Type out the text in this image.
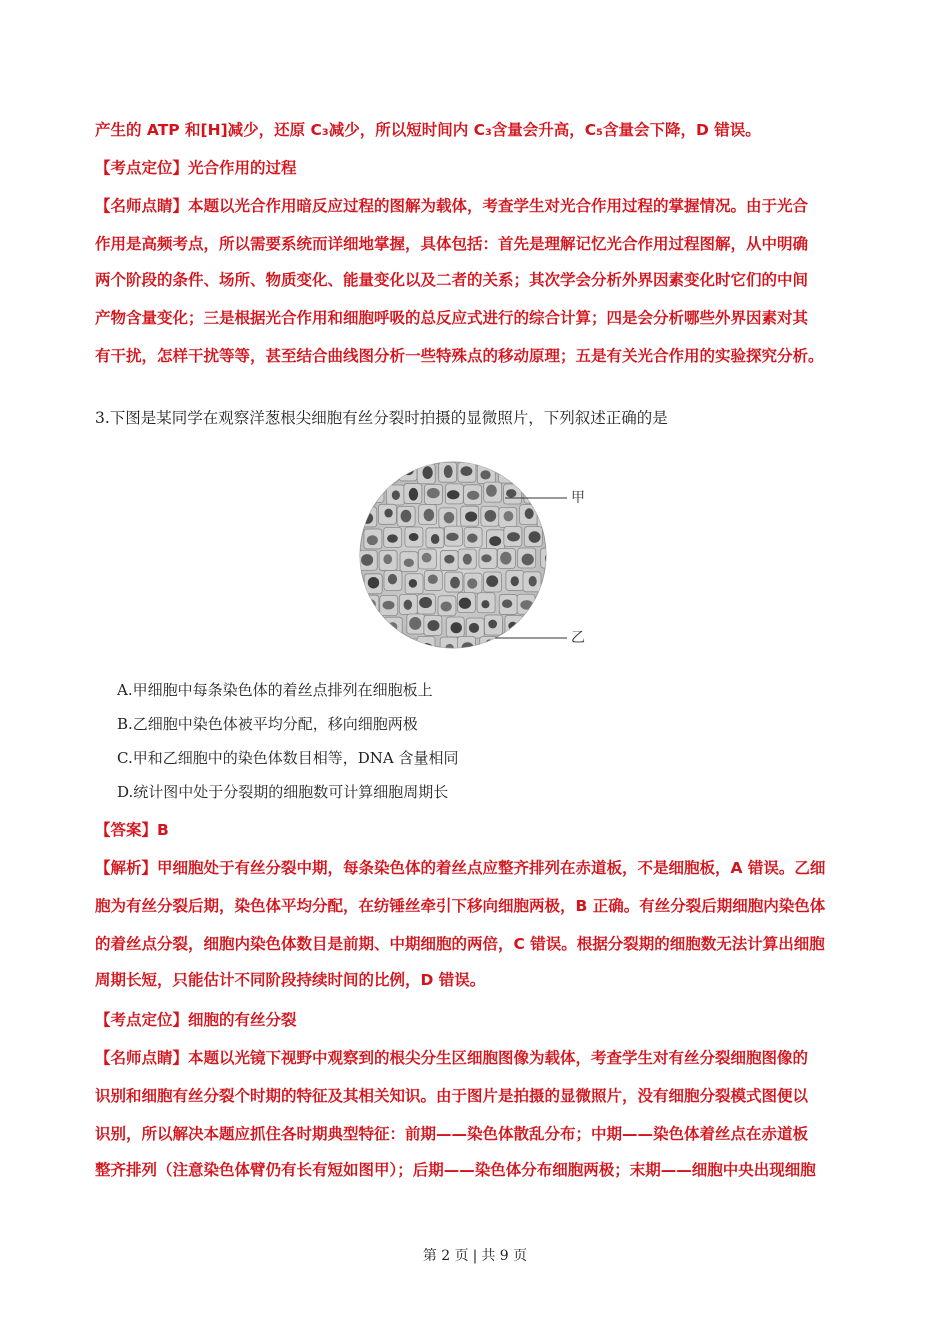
产生的 ATP 和[H]减少，还原 C₃减少，所以短时间内 C₃含量会升高，C₅含量会下降，D 错误。
【考点定位】光合作用的过程
【名师点睛】本题以光合作用暗反应过程的图解为载体，考查学生对光合作用过程的掌握情况。由于光合
作用是高频考点，所以需要系统而详细地掌握，具体包括：首先是理解记忆光合作用过程图解，从中明确
两个阶段的条件、场所、物质变化、能量变化以及二者的关系；其次学会分析外界因素变化时它们的中间
产物含量变化；三是根据光合作用和细胞呼吸的总反应式进行的综合计算；四是会分析哪些外界因素对其
有干扰，怎样干扰等等，甚至结合曲线图分析一些特殊点的移动原理；五是有关光合作用的实验探究分析。
3.下图是某同学在观察洋葱根尖细胞有丝分裂时拍摄的显微照片，下列叙述正确的是
甲
乙
A.甲细胞中每条染色体的着丝点排列在细胞板上
B.乙细胞中染色体被平均分配，移向细胞两极
C.甲和乙细胞中的染色体数目相等，DNA 含量相同
D.统计图中处于分裂期的细胞数可计算细胞周期长
【答案】B
【解析】甲细胞处于有丝分裂中期，每条染色体的着丝点应整齐排列在赤道板，不是细胞板，A 错误。乙细
胞为有丝分裂后期，染色体平均分配，在纺锤丝牵引下移向细胞两极，B 正确。有丝分裂后期细胞内染色体
的着丝点分裂，细胞内染色体数目是前期、中期细胞的两倍，C 错误。根据分裂期的细胞数无法计算出细胞
周期长短，只能估计不同阶段持续时间的比例，D 错误。
【考点定位】细胞的有丝分裂
【名师点睛】本题以光镜下视野中观察到的根尖分生区细胞图像为载体，考查学生对有丝分裂细胞图像的
识别和细胞有丝分裂个时期的特征及其相关知识。由于图片是拍摄的显微照片，没有细胞分裂模式图便以
识别，所以解决本题应抓住各时期典型特征：前期——染色体散乱分布；中期——染色体着丝点在赤道板
整齐排列（注意染色体臂仍有长有短如图甲）；后期——染色体分布细胞两极；末期——细胞中央出现细胞
第 2 页 | 共 9 页
